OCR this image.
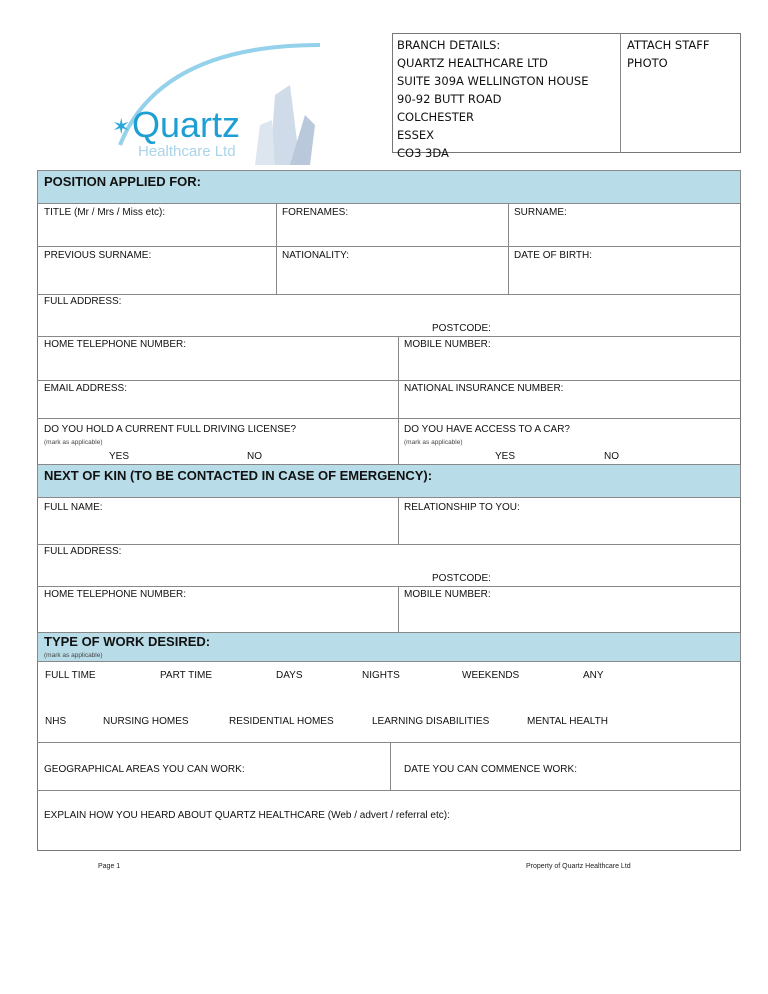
✶ Quartz
Healthcare Ltd
BRANCH DETAILS:
QUARTZ HEALTHCARE LTD
SUITE 309A WELLINGTON HOUSE
90-92 BUTT ROAD
COLCHESTER
ESSEX
CO3 3DA
ATTACH STAFF
PHOTO
POSITION APPLIED FOR:
TITLE (Mr / Mrs / Miss etc):	FORENAMES:	SURNAME:
PREVIOUS SURNAME:	NATIONALITY:	DATE OF BIRTH:
FULL ADDRESS:
POSTCODE:
HOME TELEPHONE NUMBER:	MOBILE NUMBER:
EMAIL ADDRESS:	NATIONAL INSURANCE NUMBER:
DO YOU HOLD A CURRENT FULL DRIVING LICENSE?
(mark as applicable)
YES	NO
DO YOU HAVE ACCESS TO A CAR?
(mark as applicable)
YES	NO
NEXT OF KIN (TO BE CONTACTED IN CASE OF EMERGENCY):
FULL NAME:	RELATIONSHIP TO YOU:
FULL ADDRESS:
POSTCODE:
HOME TELEPHONE NUMBER:	MOBILE NUMBER:
TYPE OF WORK DESIRED:
(mark as applicable)
FULL TIME	PART TIME	DAYS	NIGHTS	WEEKENDS	ANY
NHS	NURSING HOMES	RESIDENTIAL HOMES	LEARNING DISABILITIES	MENTAL HEALTH
GEOGRAPHICAL AREAS YOU CAN WORK:	DATE YOU CAN COMMENCE WORK:
EXPLAIN HOW YOU HEARD ABOUT QUARTZ HEALTHCARE (Web / advert / referral etc):
Page 1	Property of Quartz Healthcare Ltd
